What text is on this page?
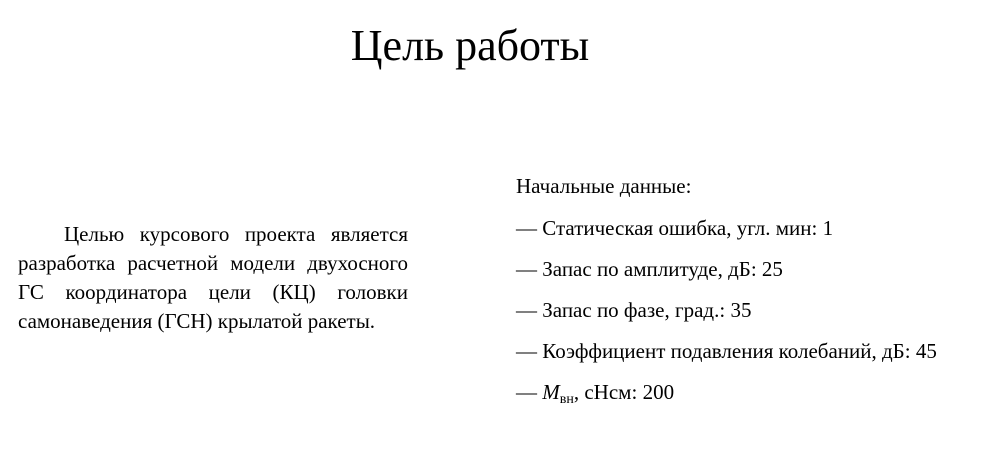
Цель работы

Целью курсового проекта является разработка расчетной модели двухосного ГС координатора цели (КЦ) головки самонаведения (ГСН) крылатой ракеты.

Начальные данные:

— Статическая ошибка, угл. мин: 1
— Запас по амплитуде, дБ: 25
— Запас по фазе, град.: 35
— Коэффициент подавления колебаний, дБ: 45
— Mвн, сНсм: 200
